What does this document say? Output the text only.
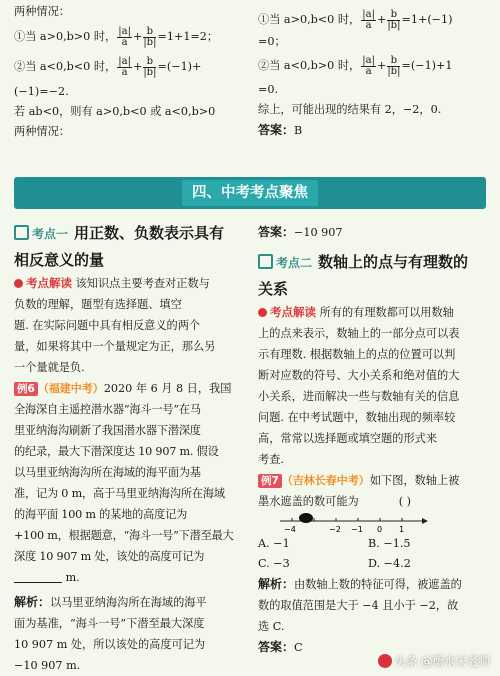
两种情况：
①当 a>0,b>0 时， $\frac{|a|}{a} + \frac{b}{|b|} =1+1=2$；
②当 a<0,b<0 时， $\frac{|a|}{a} + \frac{b}{|b|} =(-1)+$
(−1)=−2.
若 ab<0，则有 a>0,b<0 或 a<0,b>0
两种情况：
①当 a>0,b<0 时， $\frac{|a|}{a} + \frac{b}{|b|} =1+(-1)$
=0；
②当 a<0,b>0 时， $\frac{|a|}{a} + \frac{b}{|b|} =(-1)+1$
=0.
综上，可能出现的结果有 2，−2，0.
答案：B
四、中考考点聚焦
考点一 用正数、负数表示具有
相反意义的量
考点解读 该知识点主要考查对正数与
负数的理解，题型有选择题、填空
题. 在实际问题中具有相反意义的两个
量，如果将其中一个量规定为正，那么另
一个量就是负.
例6 （福建中考）2020 年 6 月 8 日，我国
全海深自主遥控潜水器“海斗一号”在马
里亚纳海沟刷新了我国潜水器下潜深度
的纪录，最大下潜深度达 10 907 m. 假设
以马里亚纳海沟所在海域的海平面为基
准，记为 0 m，高于马里亚纳海沟所在海域
的海平面 100 m 的某地的高度记为
+100 m，根据题意，“海斗一号”下潜至最大
深度 10 907 m 处，该处的高度可记为
m.
解析：以马里亚纳海沟所在海域的海平
面为基准，“海斗一号”下潜至最大深度
10 907 m 处，所以该处的高度可记为
−10 907 m.
答案：−10 907
考点二 数轴上的点与有理数的
关系
考点解读 所有的有理数都可以用数轴
上的点来表示，数轴上的一部分点可以表
示有理数. 根据数轴上的点的位置可以判
断对应数的符号、大小关系和绝对值的大
小关系，进而解决一些与数轴有关的信息
问题. 在中考试题中，数轴出现的频率较
高，常常以选择题或填空题的形式来
考查.
例7 （吉林长春中考）如下图，数轴上被
墨水遮盖的数可能为	( )
−4	−2 −1 0 1
A. −1	B. −1.5
C. −3	D. −4.2
解析：由数轴上数的特征可得，被遮盖的
数的取值范围是大于 −4 且小于 −2，故
选 C.
答案：C
头条 @衡水宋老师
